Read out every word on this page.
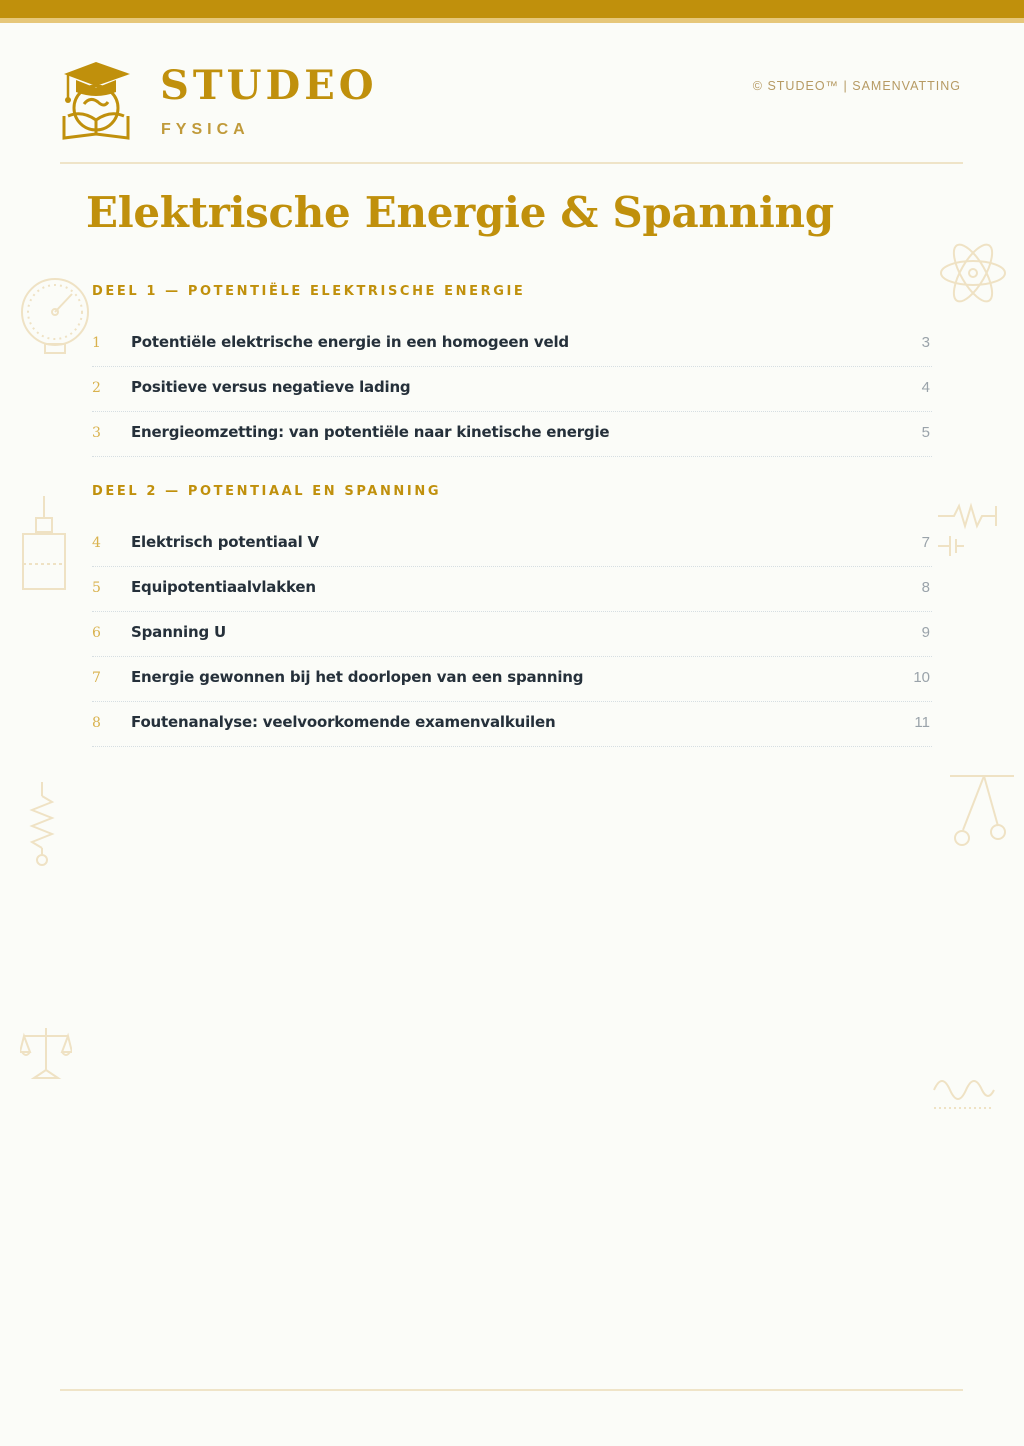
STUDEO
FYSICA
© STUDEO™ | SAMENVATTING
Elektrische Energie & Spanning
DEEL 1 — POTENTIËLE ELEKTRISCHE ENERGIE
1 Potentiële elektrische energie in een homogeen veld	3
2 Positieve versus negatieve lading	4
3 Energieomzetting: van potentiële naar kinetische energie	5
DEEL 2 — POTENTIAAL EN SPANNING
4 Elektrisch potentiaal V	7
5 Equipotentiaalvlakken	8
6 Spanning U	9
7 Energie gewonnen bij het doorlopen van een spanning	10
8 Foutenanalyse: veelvoorkomende examenvalkuilen	11
